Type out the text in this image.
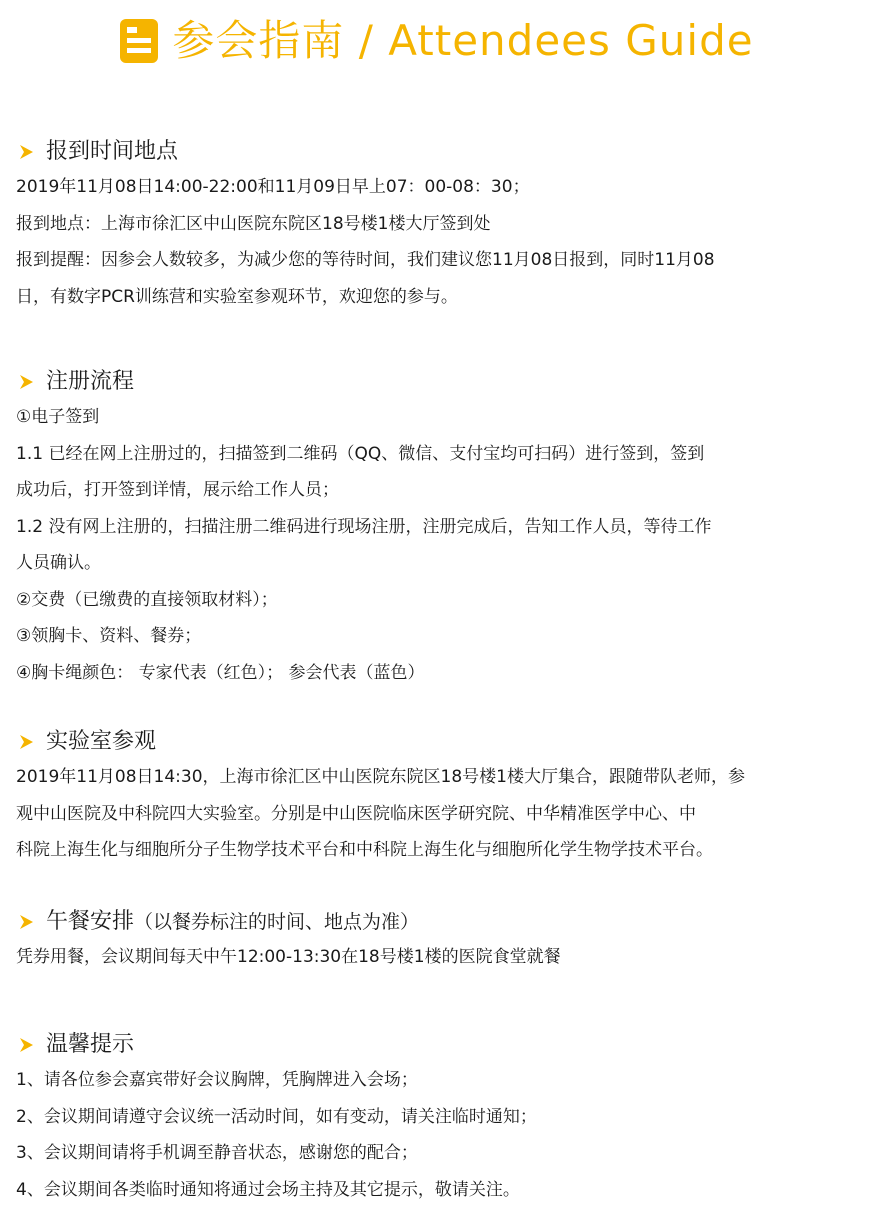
参会指南 / Attendees Guide
报到时间地点
2019年11月08日14:00-22:00和11月09日早上07：00-08：30；
报到地点：上海市徐汇区中山医院东院区18号楼1楼大厅签到处
报到提醒：因参会人数较多，为减少您的等待时间，我们建议您11月08日报到，同时11月08
日，有数字PCR训练营和实验室参观环节，欢迎您的参与。
注册流程
①电子签到
1.1 已经在网上注册过的，扫描签到二维码（QQ、微信、支付宝均可扫码）进行签到，签到
成功后，打开签到详情，展示给工作人员；
1.2 没有网上注册的，扫描注册二维码进行现场注册，注册完成后，告知工作人员，等待工作
人员确认。
②交费（已缴费的直接领取材料）；
③领胸卡、资料、餐券；
④胸卡绳颜色： 专家代表（红色）； 参会代表（蓝色）
实验室参观
2019年11月08日14:30，上海市徐汇区中山医院东院区18号楼1楼大厅集合，跟随带队老师，参
观中山医院及中科院四大实验室。分别是中山医院临床医学研究院、中华精准医学中心、中
科院上海生化与细胞所分子生物学技术平台和中科院上海生化与细胞所化学生物学技术平台。
午餐安排（以餐券标注的时间、地点为准）
凭券用餐，会议期间每天中午12:00-13:30在18号楼1楼的医院食堂就餐
温馨提示
1、请各位参会嘉宾带好会议胸牌，凭胸牌进入会场；
2、会议期间请遵守会议统一活动时间，如有变动，请关注临时通知；
3、会议期间请将手机调至静音状态，感谢您的配合；
4、会议期间各类临时通知将通过会场主持及其它提示，敬请关注。
